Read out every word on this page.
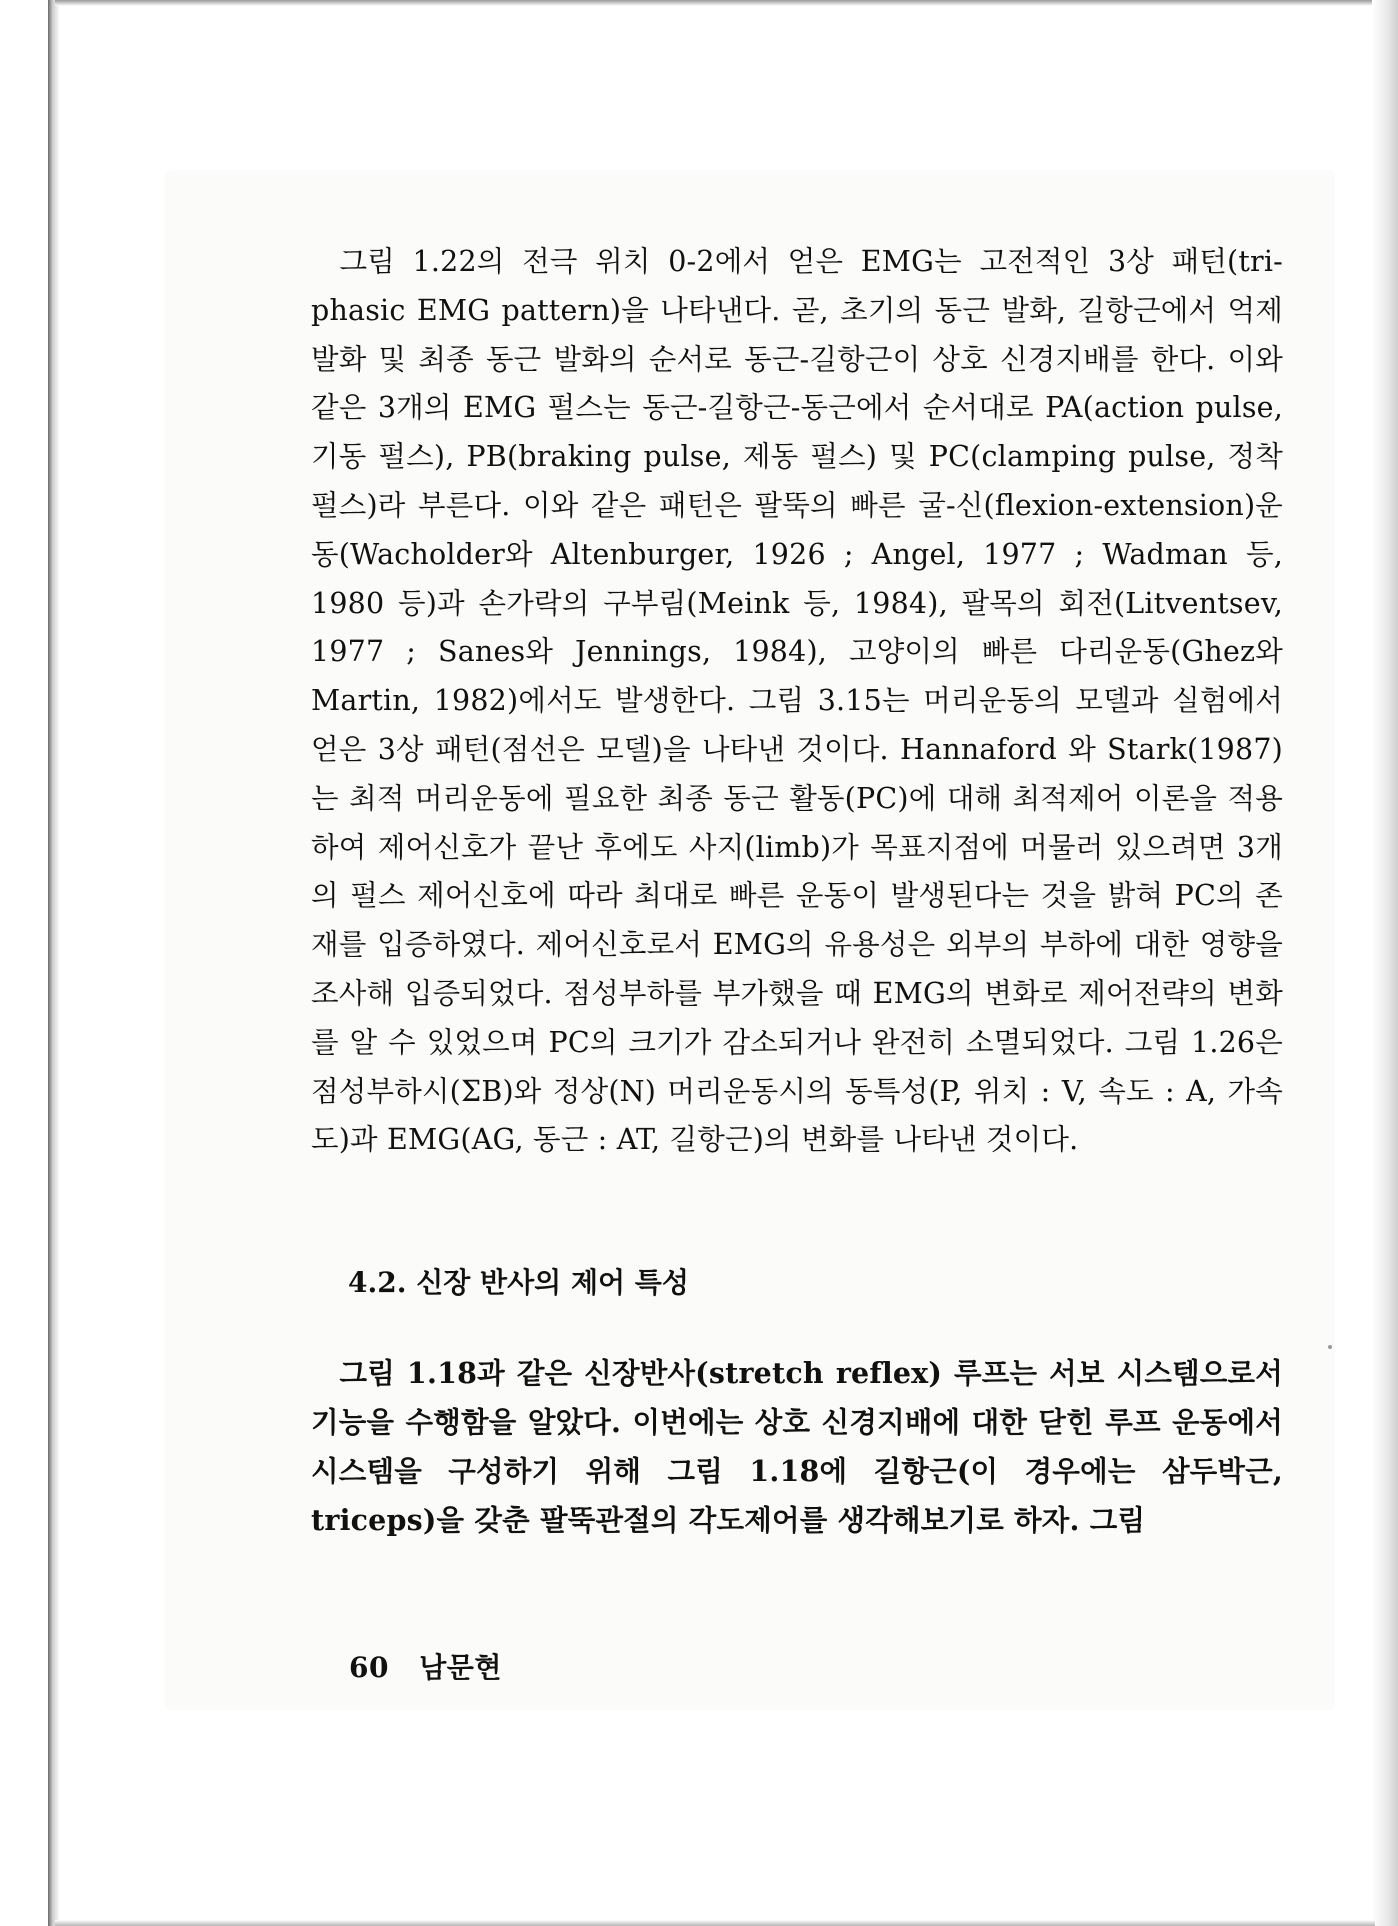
그림 1.22의 전극 위치 0-2에서 얻은 EMG는 고전적인 3상 패턴(tri-phasic EMG pattern)을 나타낸다. 곧, 초기의 동근 발화, 길항근에서 억제 발화 및 최종 동근 발화의 순서로 동근-길항근이 상호 신경지배를 한다. 이와 같은 3개의 EMG 펄스는 동근-길항근-동근에서 순서대로 PA(action pulse, 기동 펄스), PB(braking pulse, 제동 펄스) 및 PC(clamping pulse, 정착 펄스)라 부른다. 이와 같은 패턴은 팔뚝의 빠른 굴-신(flexion-extension)운동(Wacholder와 Altenburger, 1926 ; Angel, 1977 ; Wadman 등, 1980 등)과 손가락의 구부림(Meink 등, 1984), 팔목의 회전(Litventsev, 1977 ; Sanes와 Jennings, 1984), 고양이의 빠른 다리운동(Ghez와 Martin, 1982)에서도 발생한다. 그림 3.15는 머리운동의 모델과 실험에서 얻은 3상 패턴(점선은 모델)을 나타낸 것이다. Hannaford 와 Stark(1987)는 최적 머리운동에 필요한 최종 동근 활동(PC)에 대해 최적제어 이론을 적용하여 제어신호가 끝난 후에도 사지(limb)가 목표지점에 머물러 있으려면 3개의 펄스 제어신호에 따라 최대로 빠른 운동이 발생된다는 것을 밝혀 PC의 존재를 입증하였다. 제어신호로서 EMG의 유용성은 외부의 부하에 대한 영향을 조사해 입증되었다. 점성부하를 부가했을 때 EMG의 변화로 제어전략의 변화를 알 수 있었으며 PC의 크기가 감소되거나 완전히 소멸되었다. 그림 1.26은 점성부하시(ΣB)와 정상(N) 머리운동시의 동특성(P, 위치 : V, 속도 : A, 가속도)과 EMG(AG, 동근 : AT, 길항근)의 변화를 나타낸 것이다.

4.2. 신장 반사의 제어 특성

그림 1.18과 같은 신장반사(stretch reflex) 루프는 서보 시스템으로서 기능을 수행함을 알았다. 이번에는 상호 신경지배에 대한 닫힌 루프 운동에서 시스템을 구성하기 위해 그림 1.18에 길항근(이 경우에는 삼두박근, triceps)을 갖춘 팔뚝관절의 각도제어를 생각해보기로 하자. 그림

60 남문현
